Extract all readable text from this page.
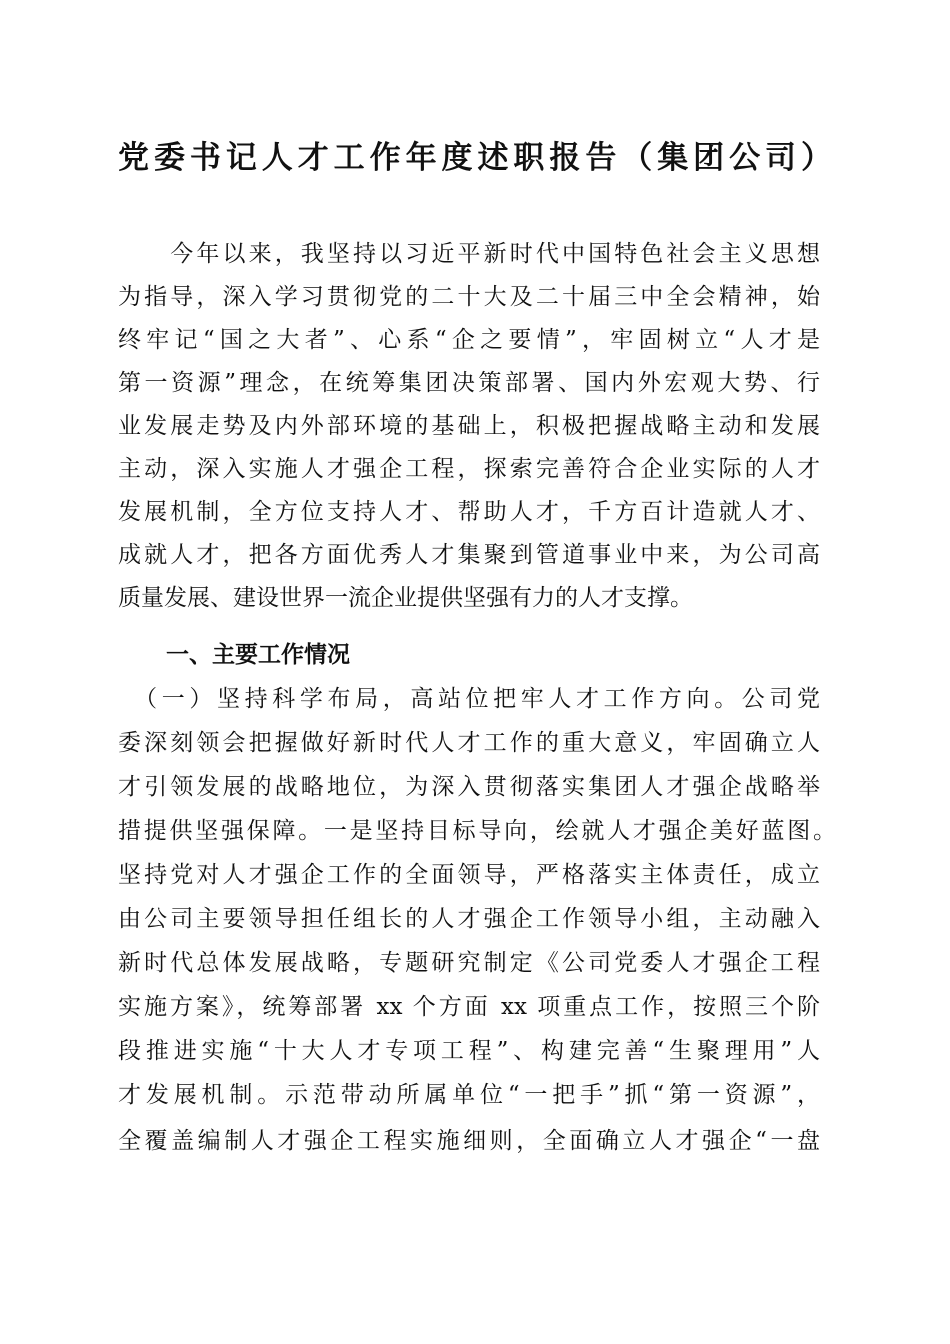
党委书记人才工作年度述职报告（集团公司）
　　今年以来，我坚持以习近平新时代中国特色社会主义思想
为指导，深入学习贯彻党的二十大及二十届三中全会精神，始
终牢记“国之大者”、心系“企之要情”，牢固树立“人才是
第一资源”理念，在统筹集团决策部署、国内外宏观大势、行
业发展走势及内外部环境的基础上，积极把握战略主动和发展
主动，深入实施人才强企工程，探索完善符合企业实际的人才
发展机制，全方位支持人才、帮助人才，千方百计造就人才、
成就人才，把各方面优秀人才集聚到管道事业中来，为公司高
质量发展、建设世界一流企业提供坚强有力的人才支撑。
一、主要工作情况
　（一）坚持科学布局，高站位把牢人才工作方向。公司党
委深刻领会把握做好新时代人才工作的重大意义，牢固确立人
才引领发展的战略地位，为深入贯彻落实集团人才强企战略举
措提供坚强保障。一是坚持目标导向，绘就人才强企美好蓝图。
坚持党对人才强企工作的全面领导，严格落实主体责任，成立
由公司主要领导担任组长的人才强企工作领导小组，主动融入
新时代总体发展战略，专题研究制定《公司党委人才强企工程
实施方案》，统筹部署 xx 个方面 xx 项重点工作，按照三个阶
段推进实施“十大人才专项工程”、构建完善“生聚理用”人
才发展机制。示范带动所属单位“一把手”抓“第一资源”，
全覆盖编制人才强企工程实施细则，全面确立人才强企“一盘
